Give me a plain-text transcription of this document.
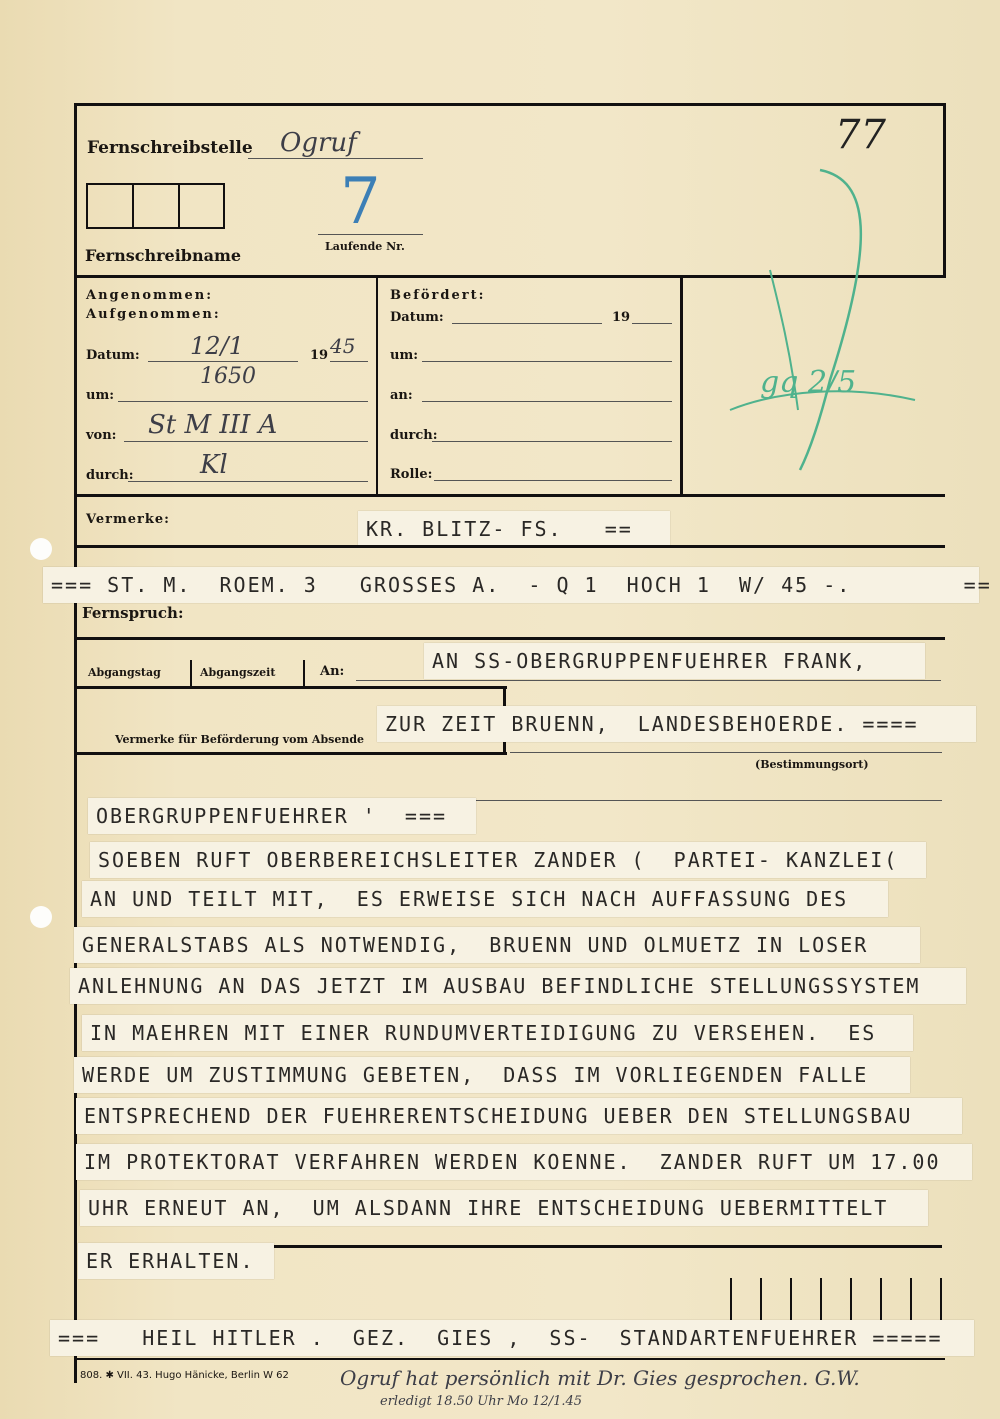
Fernschreibstelle Ogruf	77
Fernschreibname	Laufende Nr.
7
Angenommen:
Aufgenommen:
Datum: 12/1	19 45
um:
1650
von: St M III A
durch:	Kl
Befördert:
Datum:	19
um:
an:
durch:
Rolle:
gq 2/5
Vermerke:	KR. BLITZ- FS.   ==
=== ST. M.  ROEM. 3   GROSSES A.  - Q 1  HOCH 1  W/ 45 -.        ==
Fernspruch:
Abgangstag	Abgangszeit	An:	AN SS-OBERGRUPPENFUEHRER FRANK,
Vermerke für Beförderung vom Absende
ZUR ZEIT BRUENN,  LANDESBEHOERDE. ====
(Bestimmungsort)
OBERGRUPPENFUEHRER '  ===
SOEBEN RUFT OBERBEREICHSLEITER ZANDER (  PARTEI- KANZLEI(
AN UND TEILT MIT,  ES ERWEISE SICH NACH AUFFASSUNG DES
GENERALSTABS ALS NOTWENDIG,  BRUENN UND OLMUETZ IN LOSER
ANLEHNUNG AN DAS JETZT IM AUSBAU BEFINDLICHE STELLUNGSSYSTEM
IN MAEHREN MIT EINER RUNDUMVERTEIDIGUNG ZU VERSEHEN.  ES
WERDE UM ZUSTIMMUNG GEBETEN,  DASS IM VORLIEGENDEN FALLE
ENTSPRECHEND DER FUEHRERENTSCHEIDUNG UEBER DEN STELLUNGSBAU
IM PROTEKTORAT VERFAHREN WERDEN KOENNE.  ZANDER RUFT UM 17.00
UHR ERNEUT AN,  UM ALSDANN IHRE ENTSCHEIDUNG UEBERMITTELT
ER ERHALTEN.
===   HEIL HITLER .  GEZ.  GIES ,  SS-  STANDARTENFUEHRER =====
808. ✱ VII. 43. Hugo Hänicke, Berlin W 62	Ogruf hat persönlich mit Dr. Gies gesprochen. G.W.
erledigt 18.50 Uhr Mo 12/1.45
